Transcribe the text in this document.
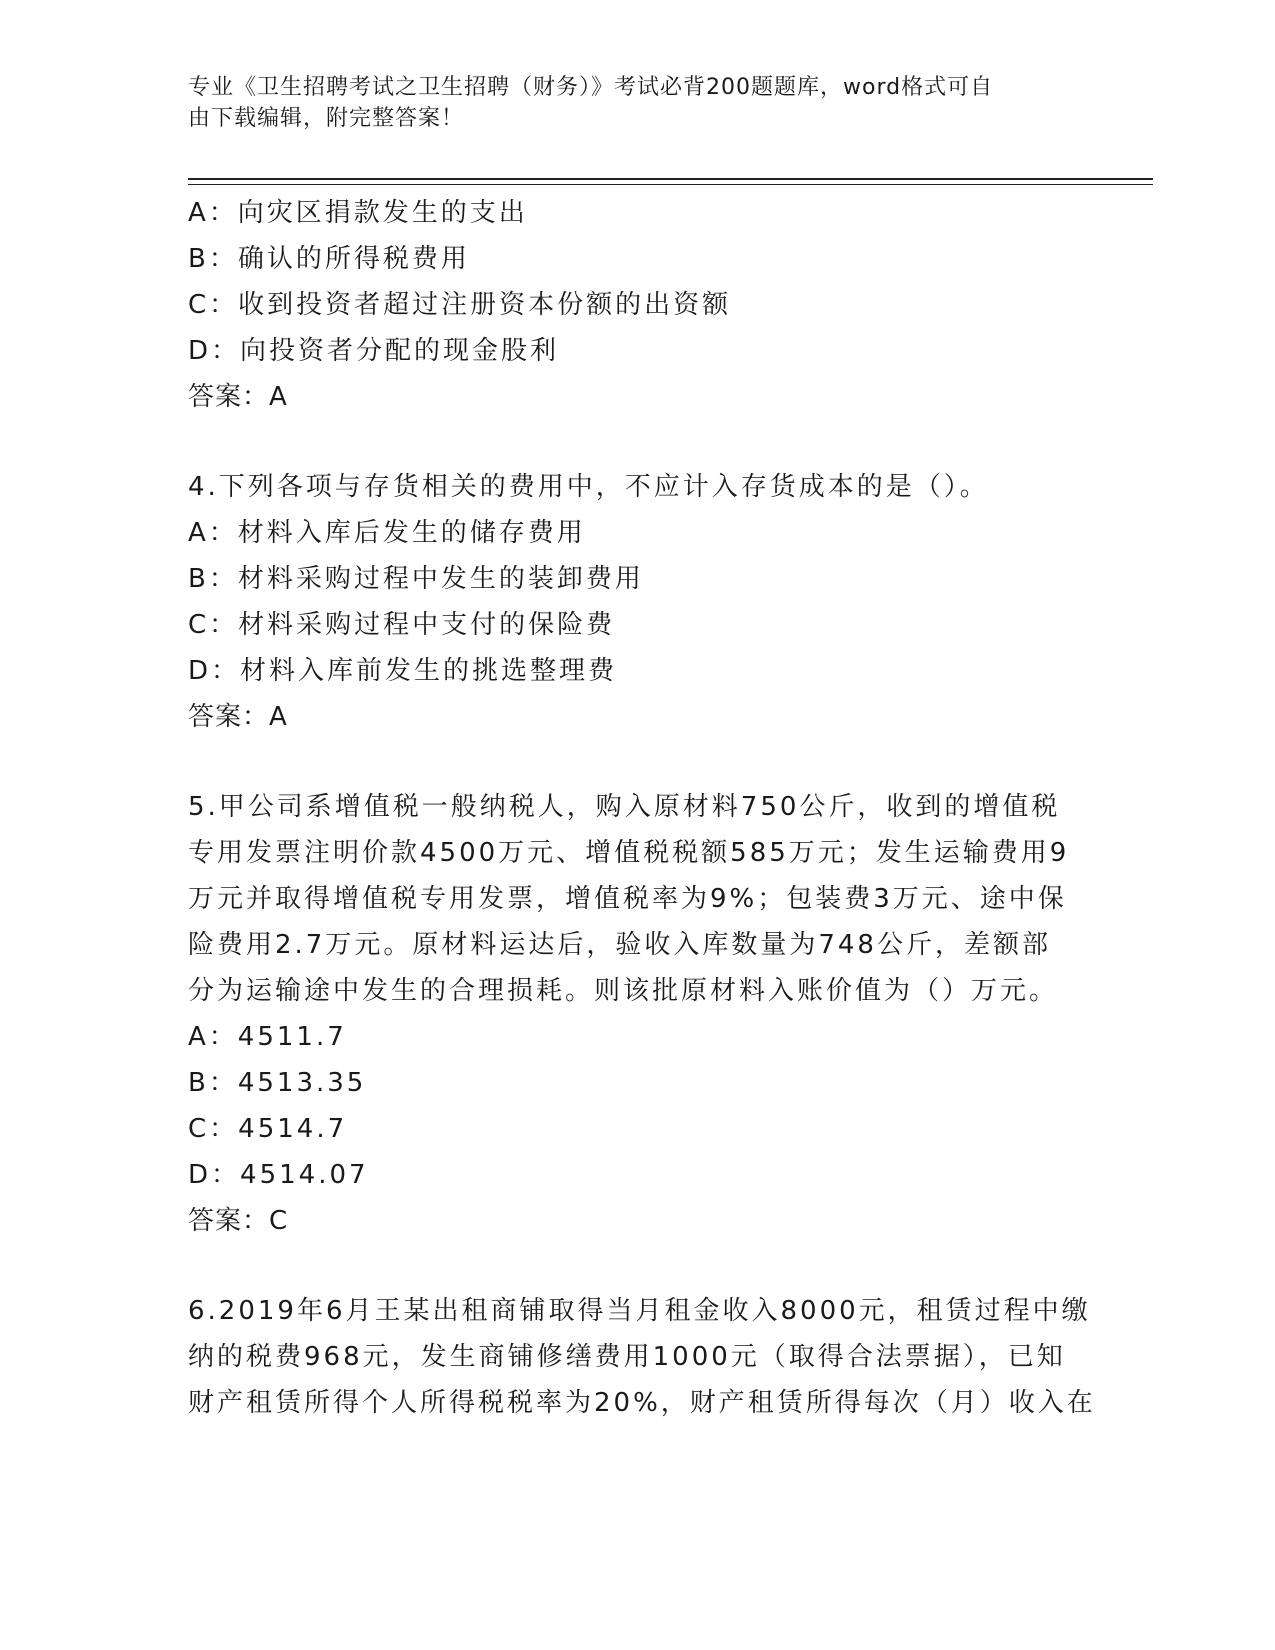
专业《卫生招聘考试之卫生招聘（财务）》考试必背200题题库，word格式可自
由下载编辑，附完整答案！
A：向灾区捐款发生的支出
B：确认的所得税费用
C：收到投资者超过注册资本份额的出资额
D：向投资者分配的现金股利
答案：A
4.下列各项与存货相关的费用中，不应计入存货成本的是（）。
A：材料入库后发生的储存费用
B：材料采购过程中发生的装卸费用
C：材料采购过程中支付的保险费
D：材料入库前发生的挑选整理费
答案：A
5.甲公司系增值税一般纳税人，购入原材料750公斤，收到的增值税
专用发票注明价款4500万元、增值税税额585万元；发生运输费用9
万元并取得增值税专用发票，增值税率为9%；包装费3万元、途中保
险费用2.7万元。原材料运达后，验收入库数量为748公斤，差额部
分为运输途中发生的合理损耗。则该批原材料入账价值为（）万元。
A：4511.7
B：4513.35
C：4514.7
D：4514.07
答案：C
6.2019年6月王某出租商铺取得当月租金收入8000元，租赁过程中缴
纳的税费968元，发生商铺修缮费用1000元（取得合法票据），已知
财产租赁所得个人所得税税率为20%，财产租赁所得每次（月）收入在
